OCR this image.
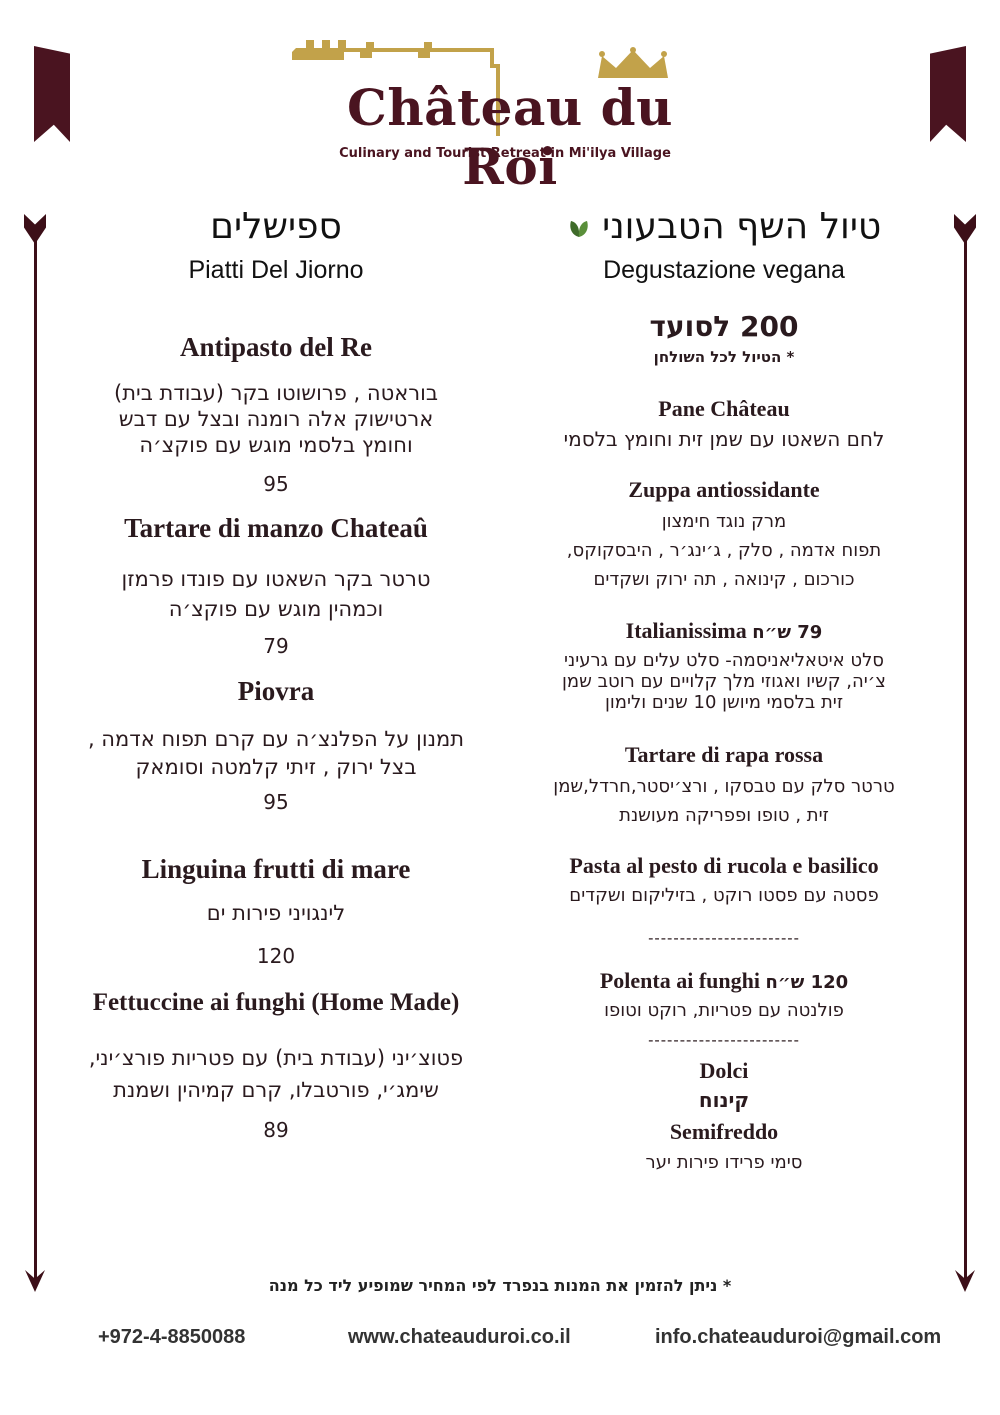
Château du Roi
Culinary and Tourist Retreat in Mi'ilya Village
ספישלים
Piatti Del Jiorno
Antipasto del Re
בוראטה , פרושוטו בקר (עבודת בית)
ארטישוק אלה רומנה ובצל עם דבש
וחומץ בלסמי מוגש עם פוקצ׳ה
95
Tartare di manzo Chateaû
טרטר בקר השאטו עם פונדו פרמזן
וכמהין מוגש עם פוקצ׳ה
79
Piovra
תמנון על הפלנצ׳ה עם קרם תפוח אדמה ,
בצל ירוק , זיתי קלמטה וסומאק
95
Linguina frutti di mare
לינגויני פירות ים
120
Fettuccine ai funghi (Home Made)
פטוצ׳יני (עבודת בית) עם פטריות פורצ׳יני,
שימג׳י, פורטבלו, קרם קמיהין ושמנת
89
טיול השף הטבעוני
Degustazione vegana
200 לסועד
* הטיול לכל השולחן
Pane Château
לחם השאטו עם שמן זית וחומץ בלסמי
Zuppa antiossidante
מרק נוגד חימצון
תפוח אדמה , סלק , ג׳ינג׳ר , היבסקוקס,
כורכום , קינואה , תה ירוק ושקדים
Italianissima 79 ש״ח
סלט איטאליאניסמה- סלט עלים עם גרעיני
צ׳יה, קשיו ואגוזי מלך קלויים עם רוטב שמן
זית בלסמי מיושן 10 שנים ולימון
Tartare di rapa rossa
טרטר סלק עם טבסקו , ורצ׳יסטר,חרדל,שמן
זית , טופו ופפריקה מעושנת
Pasta al pesto di rucola e basilico
פסטה עם פסטו רוקט , בזיליקום ושקדים
------------------------
Polenta ai funghi 120 ש״ח
פולנטה עם פטריות, רוקט וטופו
------------------------
Dolci
קינוח
Semifreddo
סימי פרידו פירות יער
* ניתן להזמין את המנות בנפרד לפי המחיר שמופיע ליד כל מנה
+972-4-8850088	www.chateauduroi.co.il	info.chateauduroi@gmail.com
